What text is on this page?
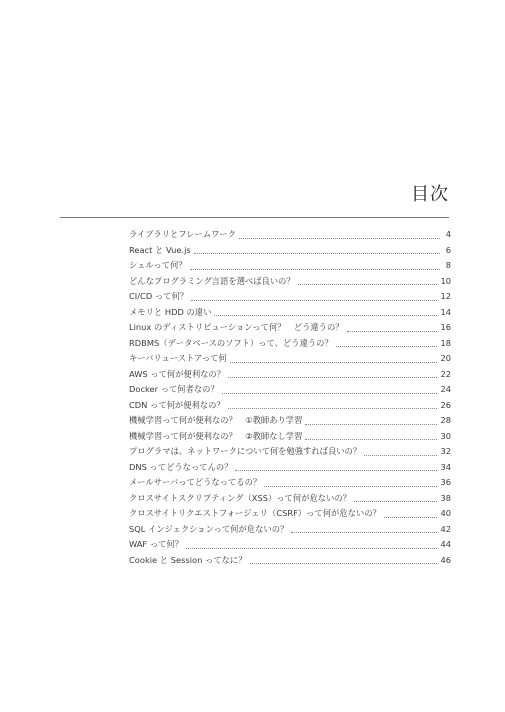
目次
ライブラリとフレームワーク	4
React と Vue.js	6
シェルって何？	8
どんなプログラミング言語を選べば良いの？	10
CI/CD って何？	12
メモリと HDD の違い	14
Linux のディストリビューションって何？　どう違うの？	16
RDBMS（データベースのソフト）って、どう違うの？	18
キーバリューストアって何	20
AWS って何が便利なの？	22
Docker って何者なの？	24
CDN って何が便利なの？	26
機械学習って何が便利なの？　①教師あり学習	28
機械学習って何が便利なの？　②教師なし学習	30
プログラマは、ネットワークについて何を勉強すれば良いの？	32
DNS ってどうなってんの？	34
メールサーバってどうなってるの？	36
クロスサイトスクリプティング（XSS）って何が危ないの？	38
クロスサイトリクエストフォージェリ（CSRF）って何が危ないの？	40
SQL インジェクションって何が危ないの？	42
WAF って何？	44
Cookie と Session ってなに？	46
